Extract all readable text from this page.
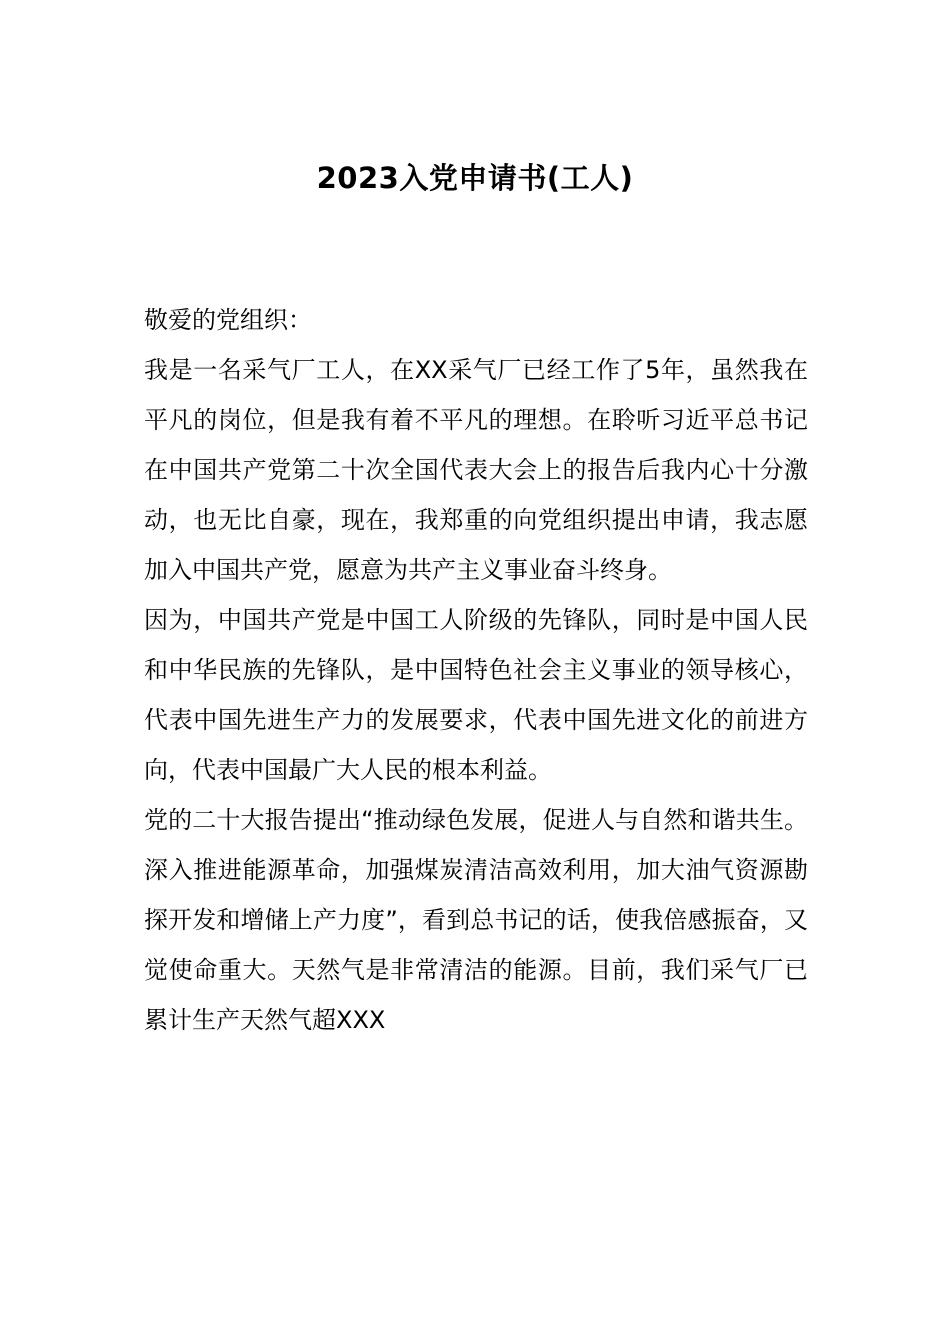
2023入党申请书(工人)

敬爱的党组织：

我是一名采气厂工人，在XX采气厂已经工作了5年，虽然我在平凡的岗位，但是我有着不平凡的理想。在聆听习近平总书记在中国共产党第二十次全国代表大会上的报告后我内心十分激动，也无比自豪，现在，我郑重的向党组织提出申请，我志愿加入中国共产党，愿意为共产主义事业奋斗终身。

因为，中国共产党是中国工人阶级的先锋队，同时是中国人民和中华民族的先锋队，是中国特色社会主义事业的领导核心，代表中国先进生产力的发展要求，代表中国先进文化的前进方向，代表中国最广大人民的根本利益。

党的二十大报告提出“推动绿色发展，促进人与自然和谐共生。深入推进能源革命，加强煤炭清洁高效利用，加大油气资源勘探开发和增储上产力度”，看到总书记的话，使我倍感振奋，又觉使命重大。天然气是非常清洁的能源。目前，我们采气厂已累计生产天然气超XXX
